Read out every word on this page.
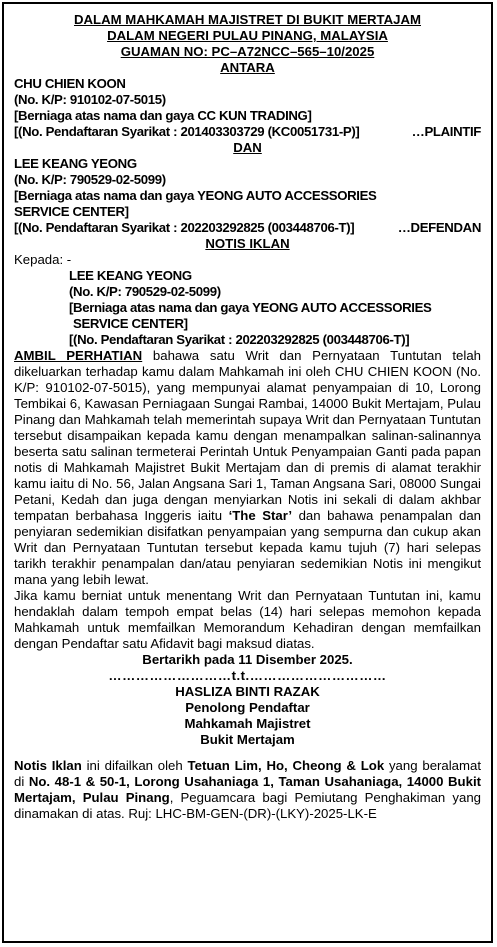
DALAM MAHKAMAH MAJISTRET DI BUKIT MERTAJAM
DALAM NEGERI PULAU PINANG, MALAYSIA
GUAMAN NO: PC–A72NCC–565–10/2025
ANTARA
CHU CHIEN KOON
(No. K/P: 910102-07-5015)
[Berniaga atas nama dan gaya CC KUN TRADING]
[(No. Pendaftaran Syarikat : 201403303729 (KC0051731-P)]	…PLAINTIF
DAN
LEE KEANG YEONG
(No. K/P: 790529-02-5099)
[Berniaga atas nama dan gaya YEONG AUTO ACCESSORIES
SERVICE CENTER]
[(No. Pendaftaran Syarikat : 202203292825 (003448706-T)]	…DEFENDAN
NOTIS IKLAN
Kepada: -
LEE KEANG YEONG
(No. K/P: 790529-02-5099)
[Berniaga atas nama dan gaya YEONG AUTO ACCESSORIES
SERVICE CENTER]
[(No. Pendaftaran Syarikat : 202203292825 (003448706-T)]

AMBIL PERHATIAN bahawa satu Writ dan Pernyataan Tuntutan telah dikeluarkan terhadap kamu dalam Mahkamah ini oleh CHU CHIEN KOON (No. K/P: 910102-07-5015), yang mempunyai alamat penyampaian di 10, Lorong Tembikai 6, Kawasan Perniagaan Sungai Rambai, 14000 Bukit Mertajam, Pulau Pinang dan Mahkamah telah memerintah supaya Writ dan Pernyataan Tuntutan tersebut disampaikan kepada kamu dengan menampalkan salinan-salinannya beserta satu salinan termeterai Perintah Untuk Penyampaian Ganti pada papan notis di Mahkamah Majistret Bukit Mertajam dan di premis di alamat terakhir kamu iaitu di No. 56, Jalan Angsana Sari 1, Taman Angsana Sari, 08000 Sungai Petani, Kedah dan juga dengan menyiarkan Notis ini sekali di dalam akhbar tempatan berbahasa Inggeris iaitu ‘The Star’ dan bahawa penampalan dan penyiaran sedemikian disifatkan penyampaian yang sempurna dan cukup akan Writ dan Pernyataan Tuntutan tersebut kepada kamu tujuh (7) hari selepas tarikh terakhir penampalan dan/atau penyiaran sedemikian Notis ini mengikut mana yang lebih lewat.

Jika kamu berniat untuk menentang Writ dan Pernyataan Tuntutan ini, kamu hendaklah dalam tempoh empat belas (14) hari selepas memohon kepada Mahkamah untuk memfailkan Memorandum Kehadiran dengan memfailkan dengan Pendaftar satu Afidavit bagi maksud diatas.

Bertarikh pada 11 Disember 2025.
………………………t.t.…………………………
HASLIZA BINTI RAZAK
Penolong Pendaftar
Mahkamah Majistret
Bukit Mertajam

Notis Iklan ini difailkan oleh Tetuan Lim, Ho, Cheong & Lok yang beralamat di No. 48-1 & 50-1, Lorong Usahaniaga 1, Taman Usahaniaga, 14000 Bukit Mertajam, Pulau Pinang, Peguamcara bagi Pemiutang Penghakiman yang dinamakan di atas. Ruj: LHC-BM-GEN-(DR)-(LKY)-2025-LK-E
